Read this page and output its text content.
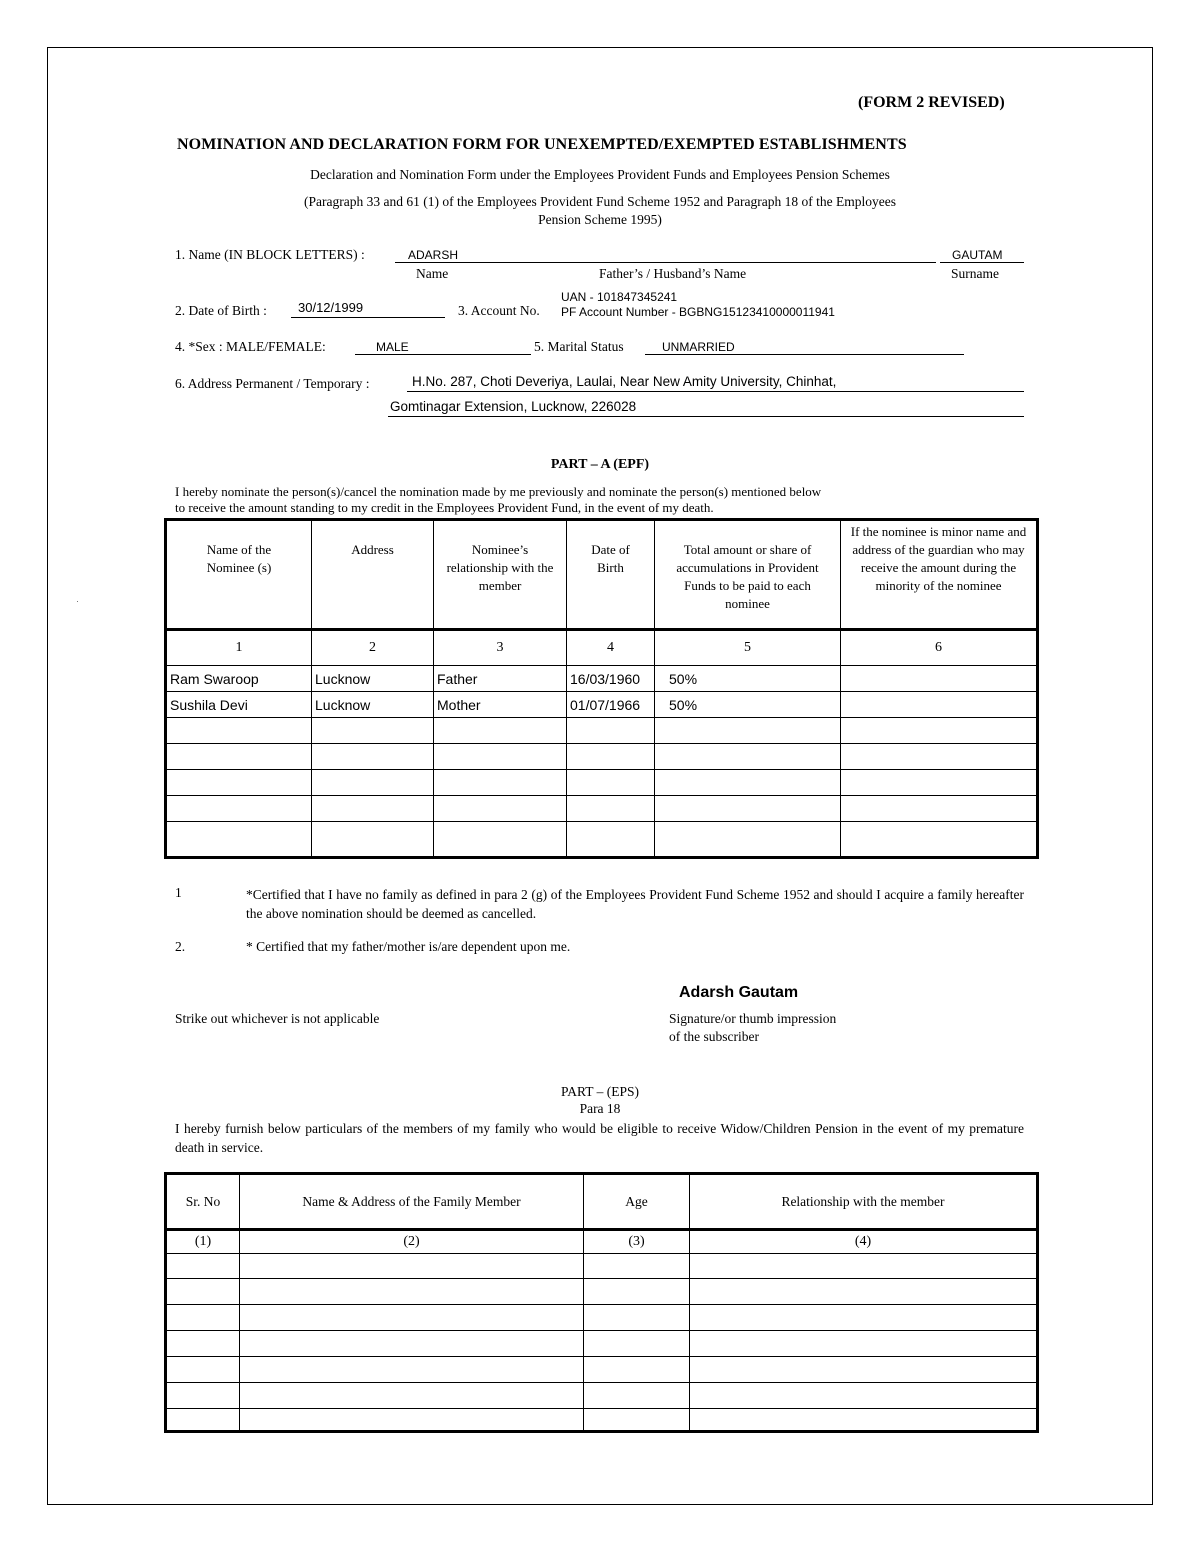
(FORM 2 REVISED)
NOMINATION AND DECLARATION FORM FOR UNEXEMPTED/EXEMPTED ESTABLISHMENTS
Declaration and Nomination Form under the Employees Provident Funds and Employees Pension Schemes
(Paragraph 33 and 61 (1) of the Employees Provident Fund Scheme 1952 and Paragraph 18 of the Employees
Pension Scheme 1995)
1. Name (IN BLOCK LETTERS) :	ADARSH	GAUTAM
Name	Father’s / Husband’s Name	Surname
2. Date of Birth : 30/12/1999	3. Account No.
UAN - 101847345241
PF Account Number - BGBNG15123410000011941
4. *Sex : MALE/FEMALE:	MALE	5. Marital Status	UNMARRIED
6. Address Permanent / Temporary :	H.No. 287, Choti Deveriya, Laulai, Near New Amity University, Chinhat,
Gomtinagar Extension, Lucknow, 226028
PART – A (EPF)
I hereby nominate the person(s)/cancel the nomination made by me previously and nominate the person(s) mentioned below
to receive the amount standing to my credit in the Employees Provident Fund, in the event of my death.
Name of the Nominee (s)	Address	Nominee’s relationship with the member	Date of Birth	Total amount or share of accumulations in Provident Funds to be paid to each nominee	If the nominee is minor name and address of the guardian who may receive the amount during the minority of the nominee
1	2	3	4	5	6
Ram Swaroop	Lucknow	Father	16/03/1960	50%	
Sushila Devi	Lucknow	Mother	01/07/1966	50%	

1	*Certified that I have no family as defined in para 2 (g) of the Employees Provident Fund Scheme 1952 and should I acquire a family hereafter the above nomination should be deemed as cancelled.
2.	* Certified that my father/mother is/are dependent upon me.
Adarsh Gautam
Strike out whichever is not applicable	Signature/or thumb impression
of the subscriber
PART – (EPS)
Para 18
I hereby furnish below particulars of the members of my family who would be eligible to receive Widow/Children Pension in the event of my premature death in service.
Sr. No	Name & Address of the Family Member	Age	Relationship with the member
(1)	(2)	(3)	(4)
